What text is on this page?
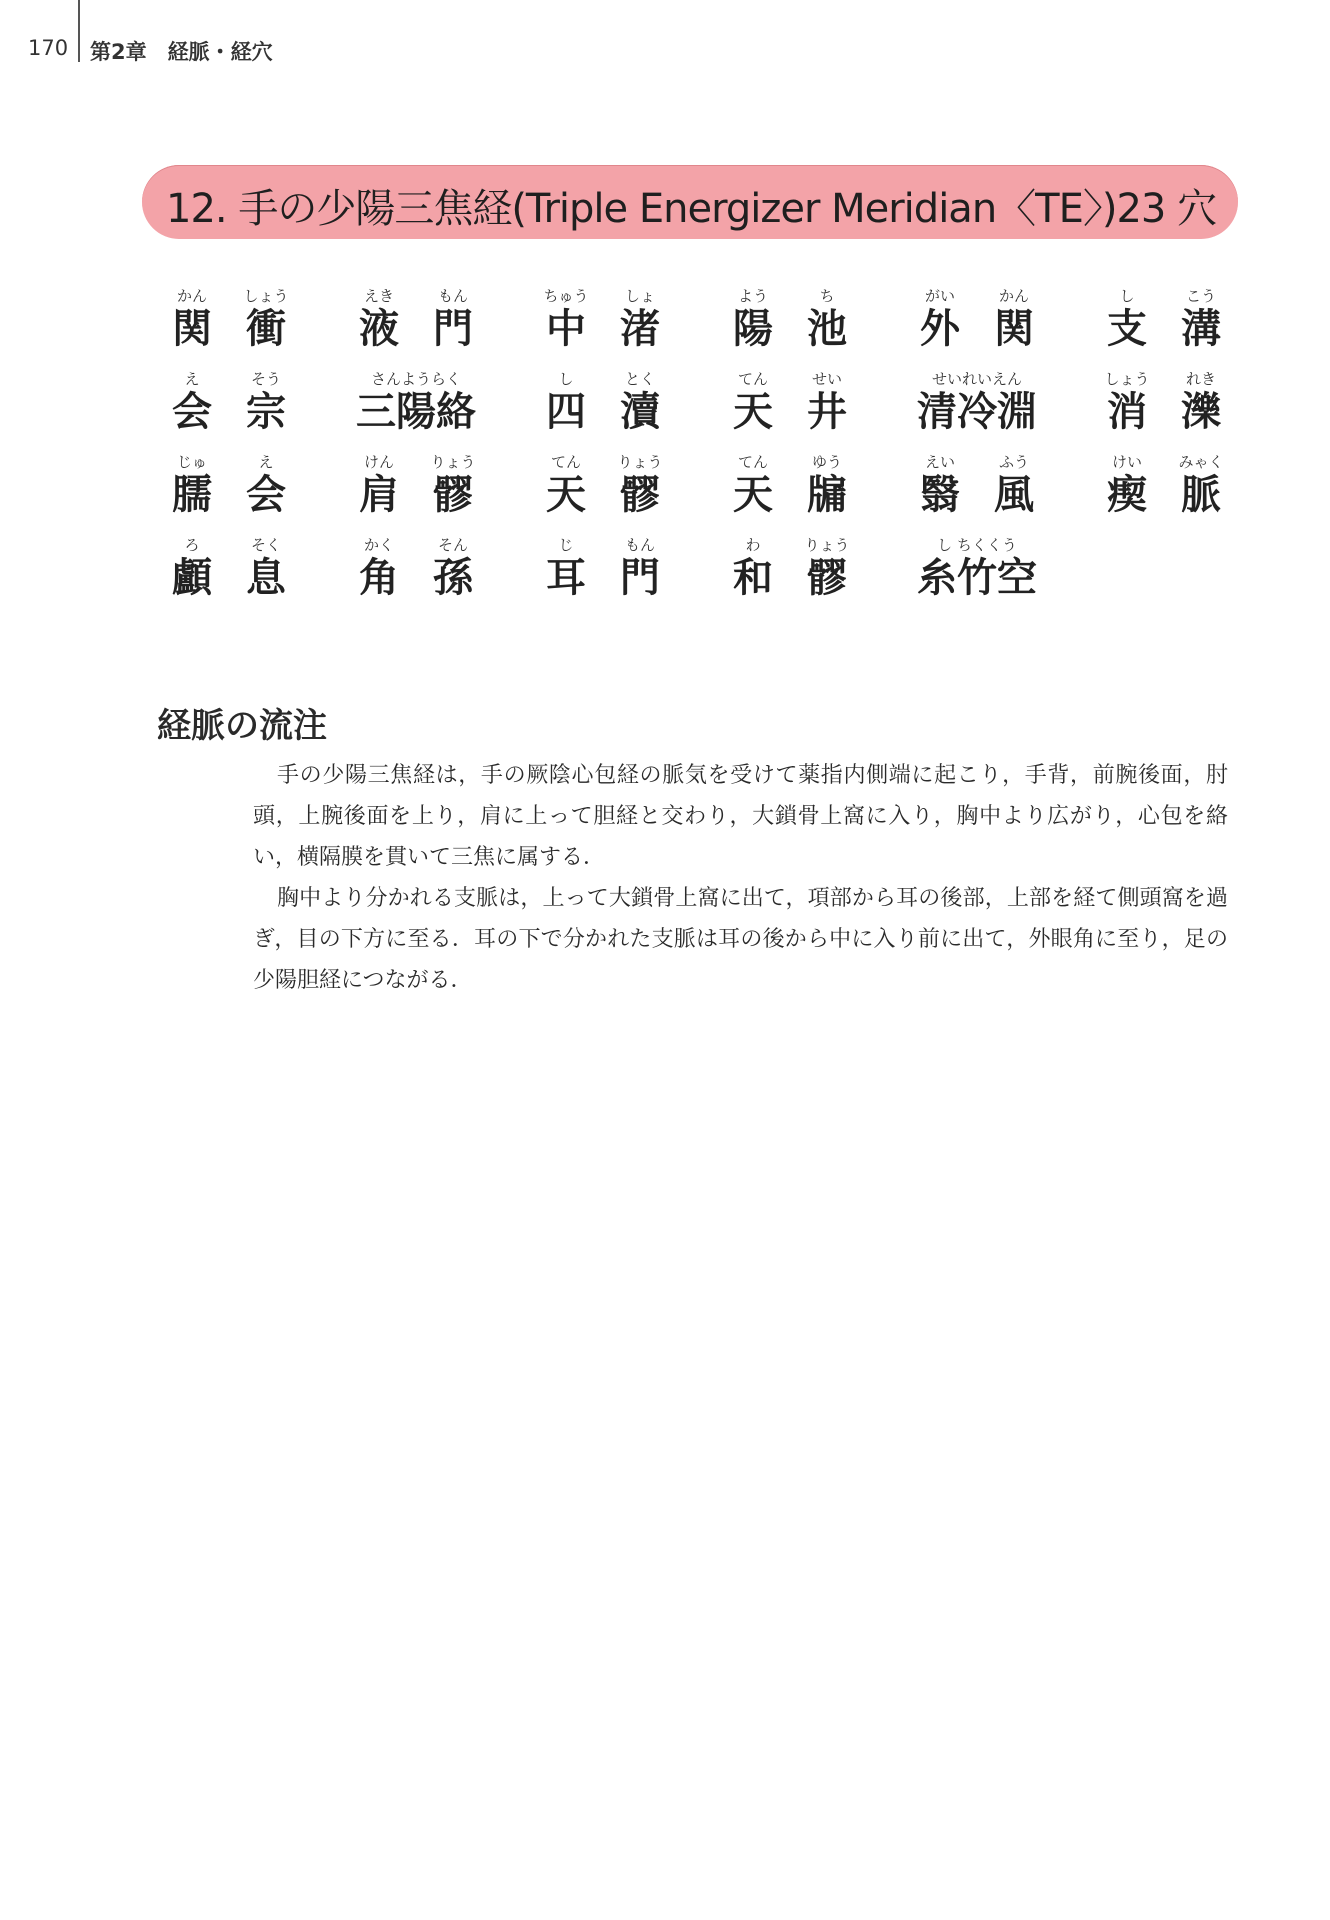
170 第2章　経脈・経穴
12. 手の少陽三焦経(Triple Energizer Meridian〈TE〉)23 穴
かん
関
しょう
衝
えき
液
もん
門
ちゅう
中
しょ
渚
よう
陽
ち
池
がい
外
かん
関
し
支
こう
溝
え
会
そう
宗
さんようらく
三陽絡
し
四
とく
瀆
てん
天
せい
井
せいれいえん
清冷淵
しょう
消
れき
濼
じゅ
臑
え
会
けん
肩
りょう
髎
てん
天
りょう
髎
てん
天
ゆう
牖
えい
翳
ふう
風
けい
瘈
みゃく
脈
ろ
顱
そく
息
かく
角
そん
孫
じ
耳
もん
門
わ
和
りょう
髎
し ちくくう
糸竹空
経脈の流注

手の少陽三焦経は，手の厥陰心包経の脈気を受けて薬指内側端に起こり，手背，前腕後面，肘頭，上腕後面を上り，肩に上って胆経と交わり，大鎖骨上窩に入り，胸中より広がり，心包を絡い，横隔膜を貫いて三焦に属する．

胸中より分かれる支脈は，上って大鎖骨上窩に出て，項部から耳の後部，上部を経て側頭窩を過ぎ，目の下方に至る．耳の下で分かれた支脈は耳の後から中に入り前に出て，外眼角に至り，足の少陽胆経につながる．
